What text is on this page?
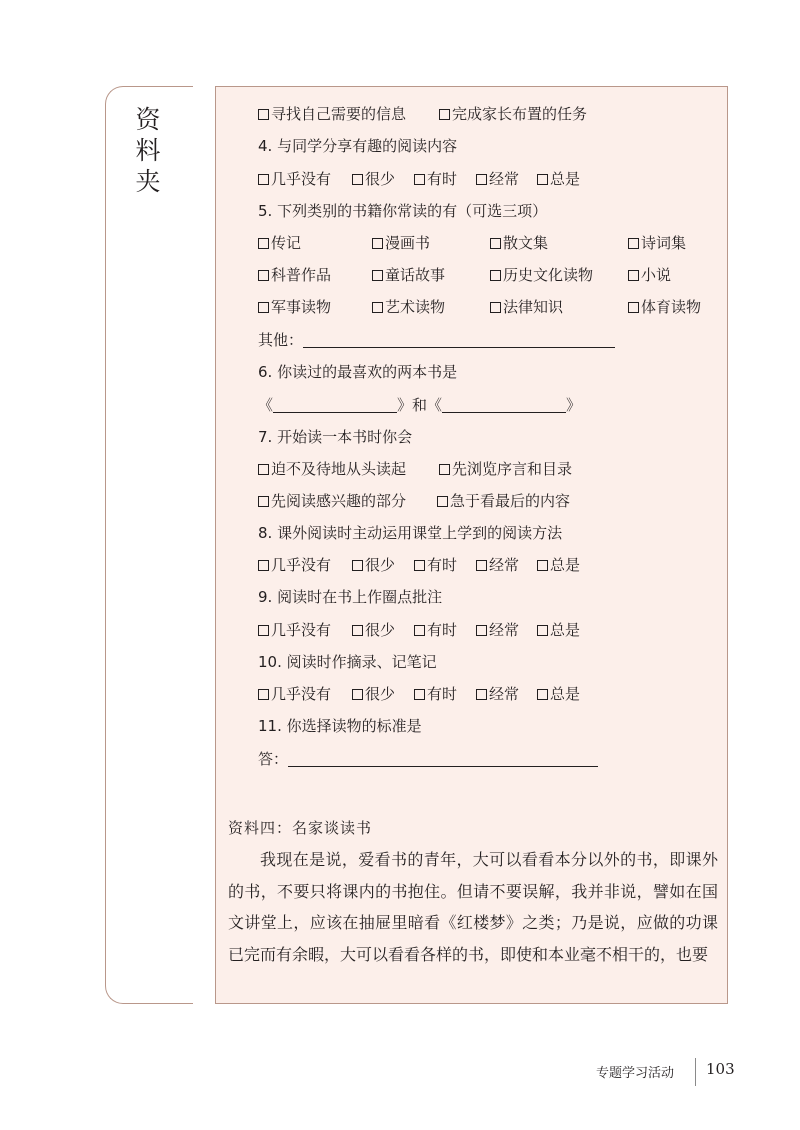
资
料
夹
寻找自己需要的信息	完成家长布置的任务
4. 与同学分享有趣的阅读内容
几乎没有	很少	有时	经常	总是
5. 下列类别的书籍你常读的有（可选三项）
传记	漫画书	散文集	诗词集
科普作品	童话故事	历史文化读物	小说
军事读物	艺术读物	法律知识	体育读物
其他：
6. 你读过的最喜欢的两本书是
《	》和《	》
7. 开始读一本书时你会
迫不及待地从头读起	先浏览序言和目录
先阅读感兴趣的部分	急于看最后的内容
8. 课外阅读时主动运用课堂上学到的阅读方法
几乎没有	很少	有时	经常	总是
9. 阅读时在书上作圈点批注
几乎没有	很少	有时	经常	总是
10. 阅读时作摘录、记笔记
几乎没有	很少	有时	经常	总是
11. 你选择读物的标准是
答：
资料四：名家谈读书
我现在是说，爱看书的青年，大可以看看本分以外的书，即课外的书，不要只将课内的书抱住。但请不要误解，我并非说，譬如在国文讲堂上，应该在抽屉里暗看《红楼梦》之类；乃是说，应做的功课已完而有余暇，大可以看看各样的书，即使和本业毫不相干的，也要
专题学习活动 103
